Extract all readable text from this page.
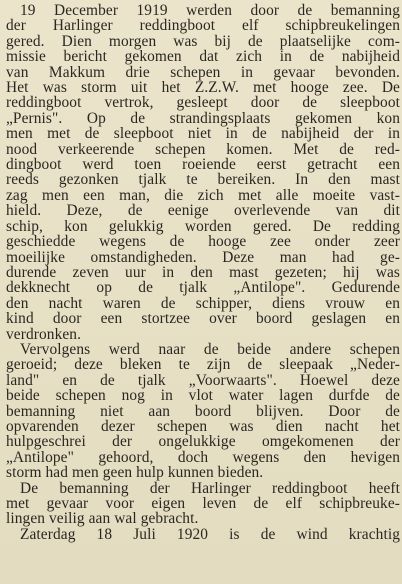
19 December 1919 werden door de bemanning
der Harlinger reddingboot elf schipbreukelingen
gered. Dien morgen was bij de plaatselijke com-
missie bericht gekomen dat zich in de nabijheid
van Makkum drie schepen in gevaar bevonden.
Het was storm uit het Z.Z.W. met hooge zee. De
reddingboot vertrok, gesleept door de sleepboot
„Pernis". Op de strandingsplaats gekomen kon
men met de sleepboot niet in de nabijheid der in
nood verkeerende schepen komen. Met de red-
dingboot werd toen roeiende eerst getracht een
reeds gezonken tjalk te bereiken. In den mast
zag men een man, die zich met alle moeite vast-
hield. Deze, de eenige overlevende van dit
schip, kon gelukkig worden gered. De redding
geschiedde wegens de hooge zee onder zeer
moeilijke omstandigheden. Deze man had ge-
durende zeven uur in den mast gezeten; hij was
dekknecht op de tjalk „Antilope". Gedurende
den nacht waren de schipper, diens vrouw en
kind door een stortzee over boord geslagen en
verdronken.
Vervolgens werd naar de beide andere schepen
geroeid; deze bleken te zijn de sleepaak „Neder-
land" en de tjalk „Voorwaarts". Hoewel deze
beide schepen nog in vlot water lagen durfde de
bemanning niet aan boord blijven. Door de
opvarenden dezer schepen was dien nacht het
hulpgeschrei der ongelukkige omgekomenen der
„Antilope" gehoord, doch wegens den hevigen
storm had men geen hulp kunnen bieden.
De bemanning der Harlinger reddingboot heeft
met gevaar voor eigen leven de elf schipbreuke-
lingen veilig aan wal gebracht.
Zaterdag 18 Juli 1920 is de wind krachtig
